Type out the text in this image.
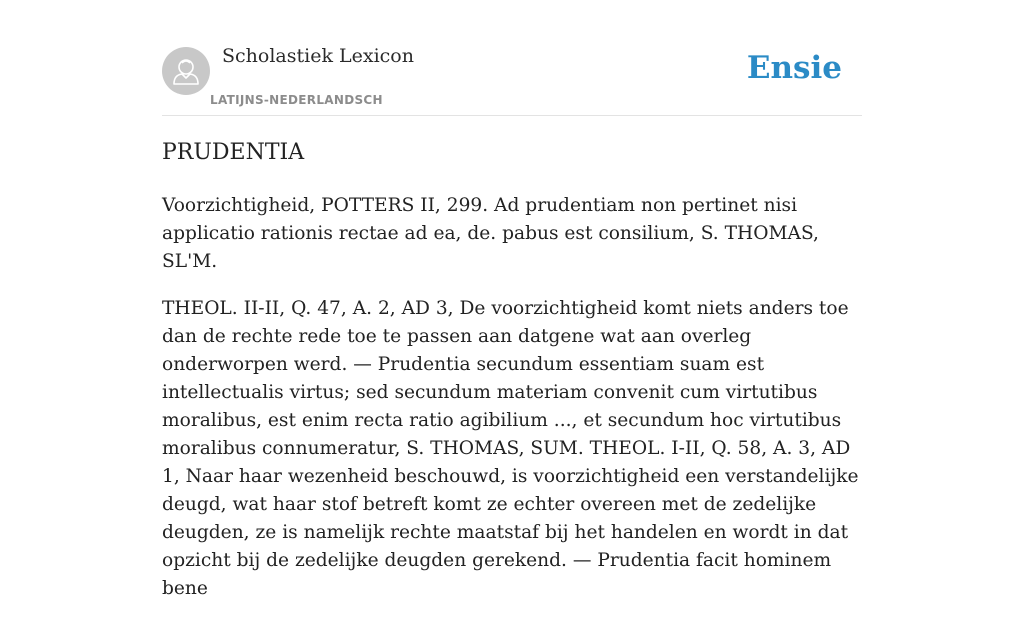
Scholastiek Lexicon
LATIJNS-NEDERLANDSCH
Ensie
PRUDENTIA

Voorzichtigheid, POTTERS II, 299. Ad prudentiam non pertinet nisi applicatio rationis rectae ad ea, de. pabus est consilium, S. THOMAS, SL'M.

THEOL. II-II, Q. 47, A. 2, AD 3, De voorzichtigheid komt niets anders toe dan de rechte rede toe te passen aan datgene wat aan overleg onderworpen werd. — Prudentia secundum essentiam suam est intellectualis virtus; sed secundum materiam convenit cum virtutibus moralibus, est enim recta ratio agibilium ..., et secundum hoc virtutibus moralibus connumeratur, S. THOMAS, SUM. THEOL. I-II, Q. 58, A. 3, AD 1, Naar haar wezenheid beschouwd, is voorzichtigheid een verstandelijke deugd, wat haar stof betreft komt ze echter overeen met de zedelijke deugden, ze is namelijk rechte maatstaf bij het handelen en wordt in dat opzicht bij de zedelijke deugden gerekend. — Prudentia facit hominem bene
